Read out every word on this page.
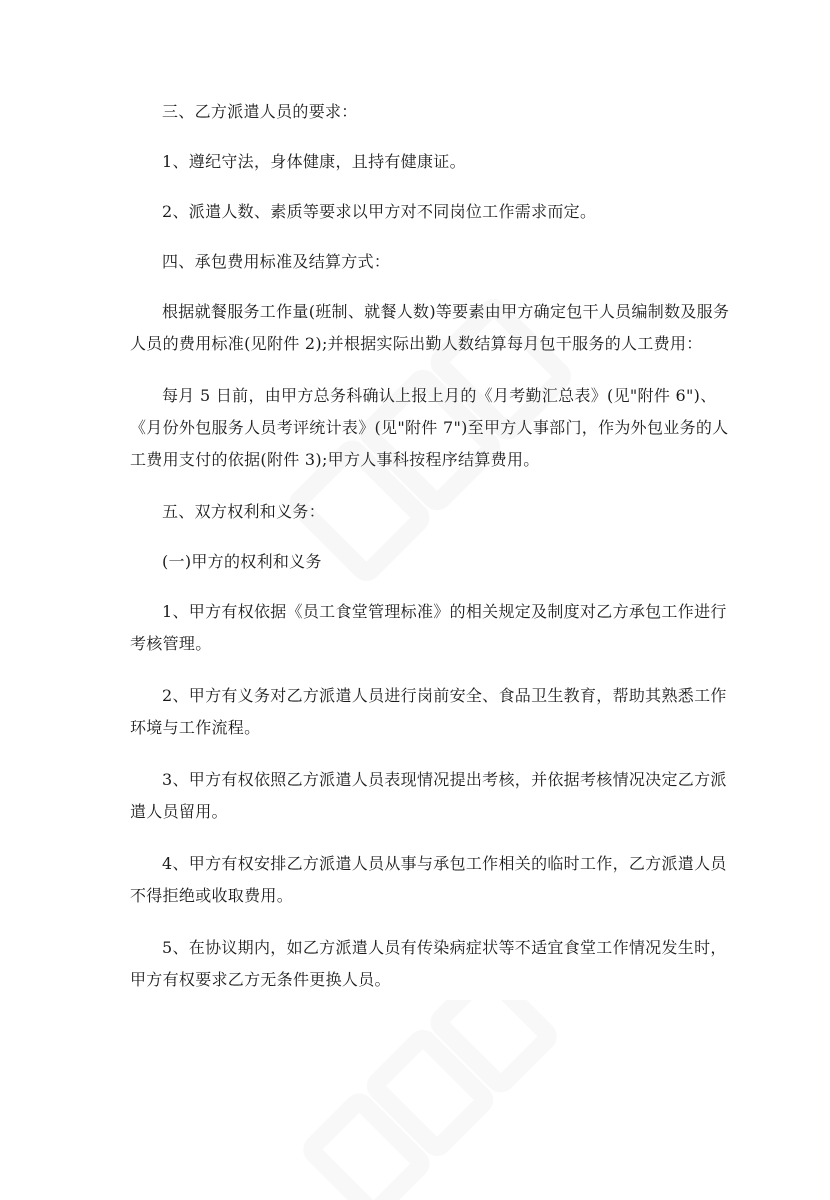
三、乙方派遣人员的要求：

1、遵纪守法，身体健康，且持有健康证。

2、派遣人数、素质等要求以甲方对不同岗位工作需求而定。

四、承包费用标准及结算方式：

根据就餐服务工作量(班制、就餐人数)等要素由甲方确定包干人员编制数及服务人员的费用标准(见附件 2);并根据实际出勤人数结算每月包干服务的人工费用：

每月 5 日前，由甲方总务科确认上报上月的《月考勤汇总表》(见"附件 6")、《月份外包服务人员考评统计表》(见"附件 7")至甲方人事部门，作为外包业务的人工费用支付的依据(附件 3);甲方人事科按程序结算费用。

五、双方权利和义务：

(一)甲方的权利和义务

1、甲方有权依据《员工食堂管理标准》的相关规定及制度对乙方承包工作进行考核管理。

2、甲方有义务对乙方派遣人员进行岗前安全、食品卫生教育，帮助其熟悉工作环境与工作流程。

3、甲方有权依照乙方派遣人员表现情况提出考核，并依据考核情况决定乙方派遣人员留用。

4、甲方有权安排乙方派遣人员从事与承包工作相关的临时工作，乙方派遣人员不得拒绝或收取费用。

5、在协议期内，如乙方派遣人员有传染病症状等不适宜食堂工作情况发生时，甲方有权要求乙方无条件更换人员。
